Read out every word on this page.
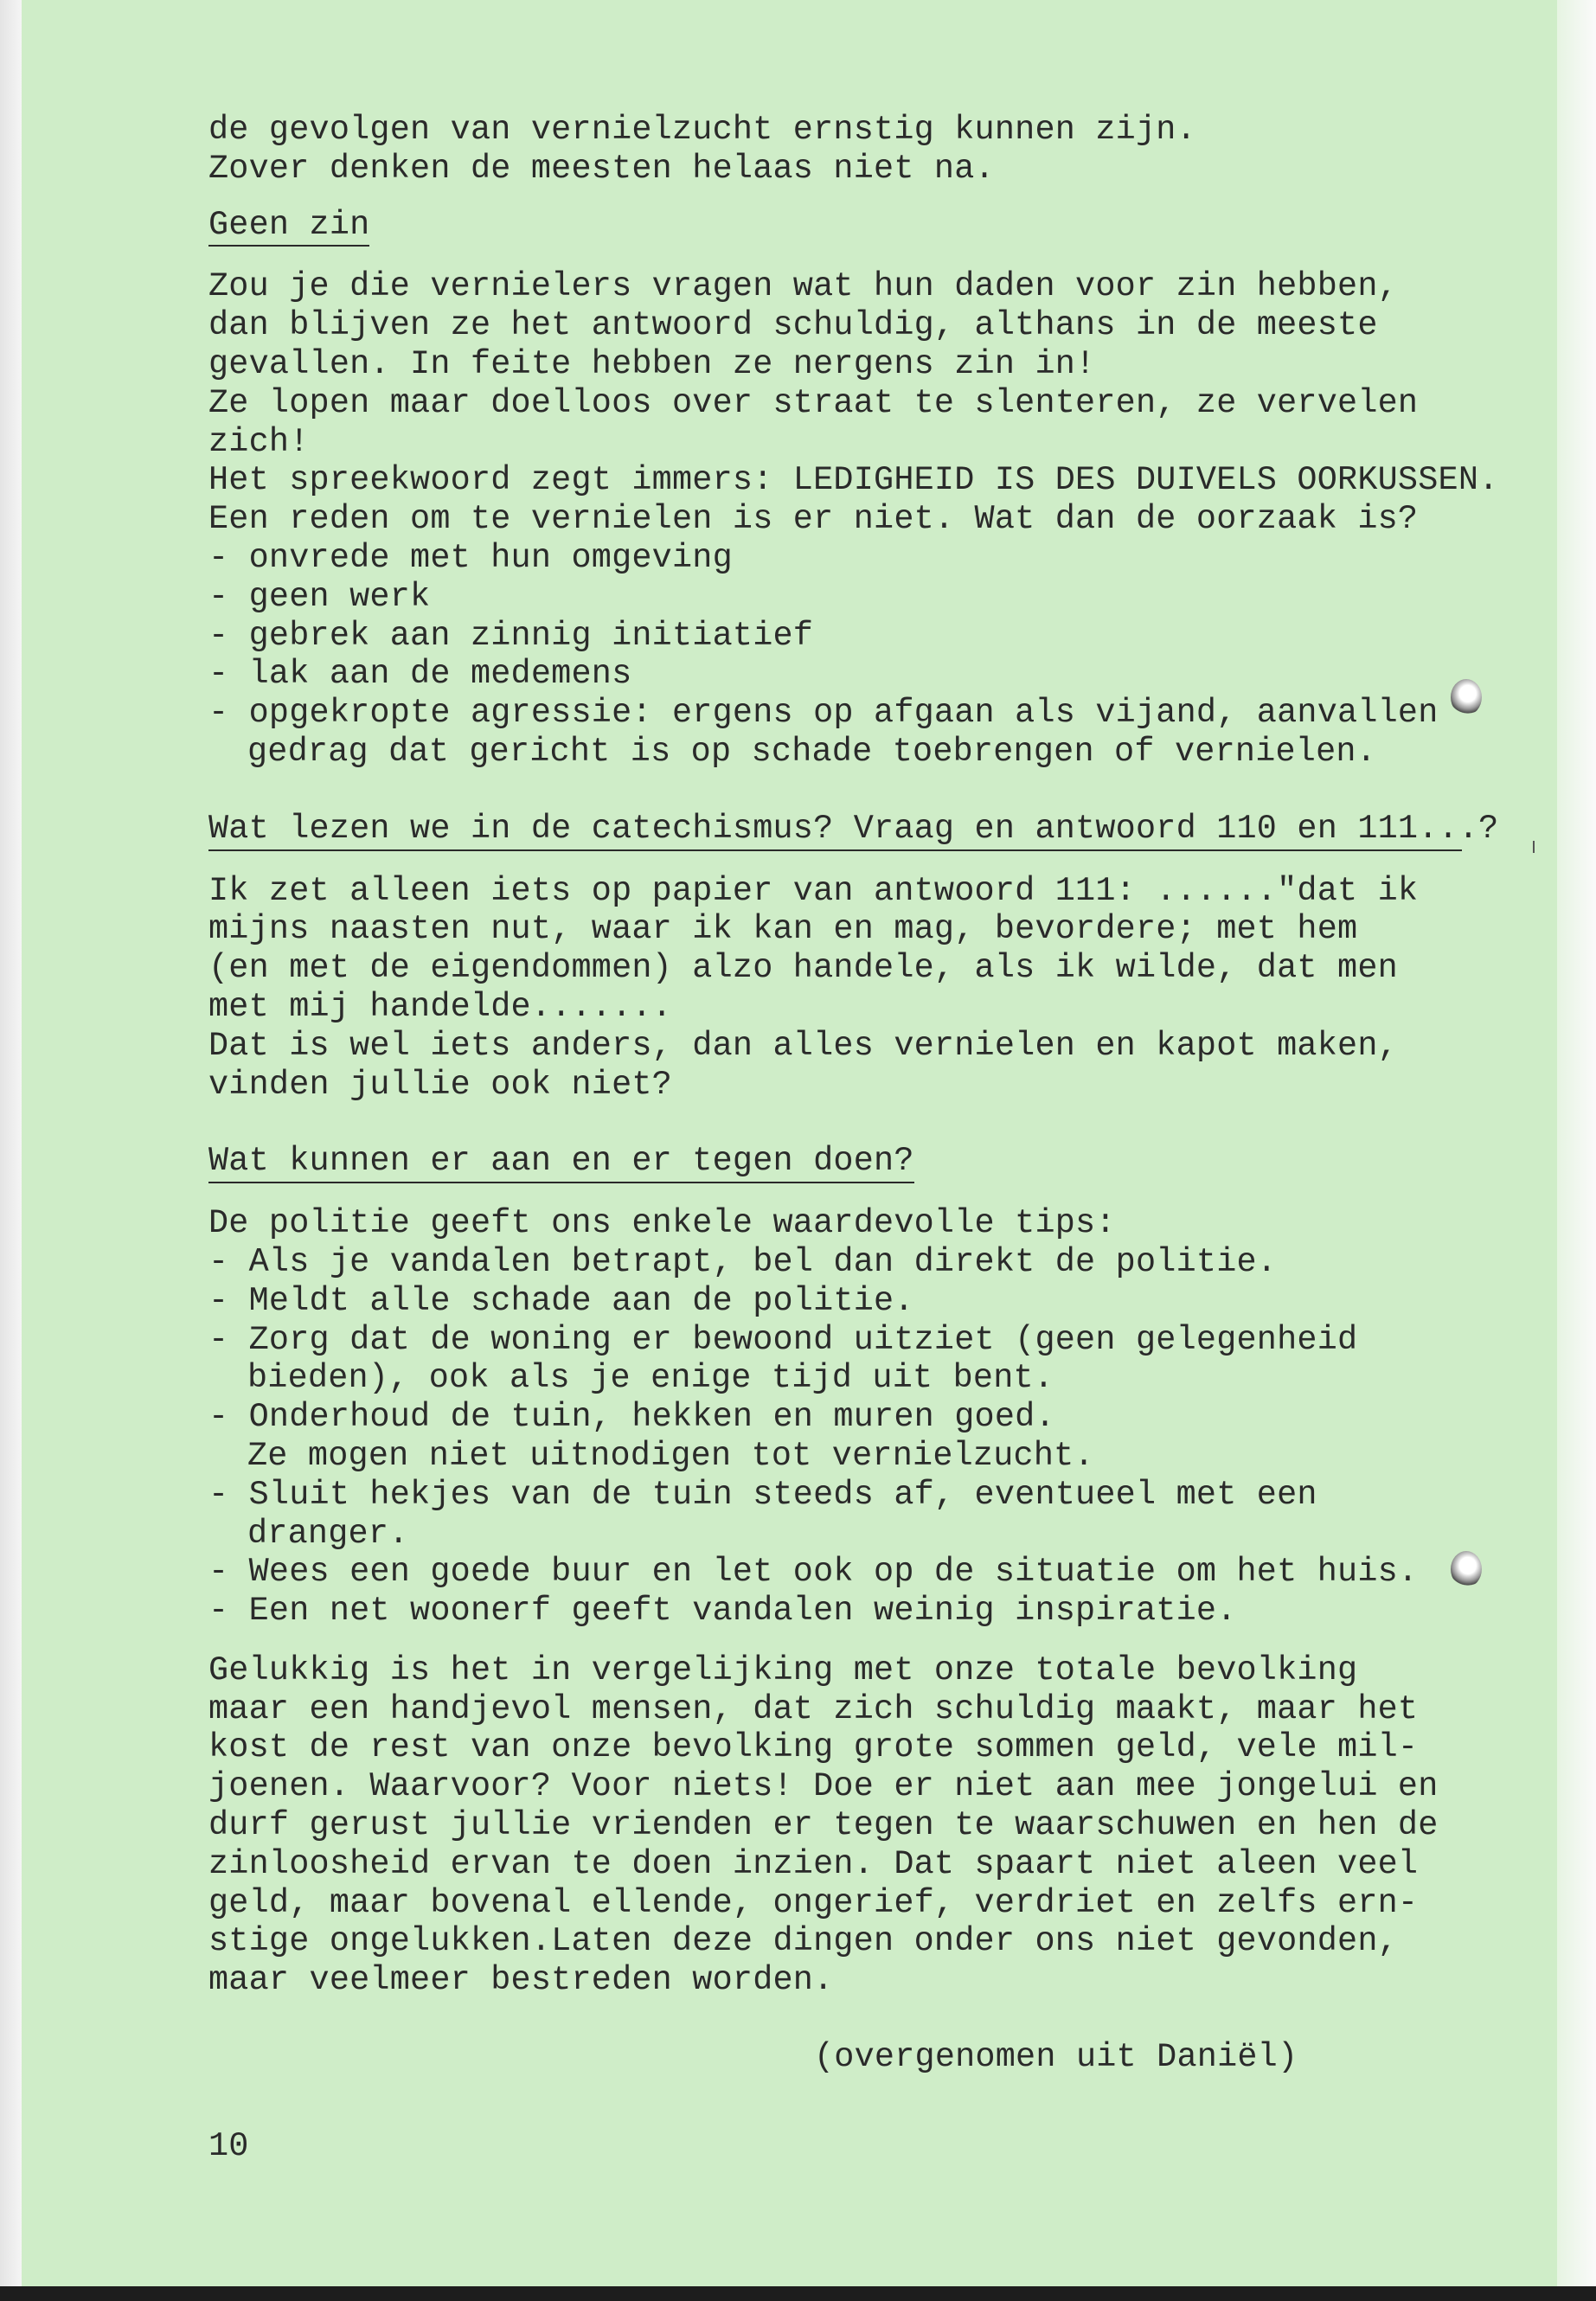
de gevolgen van vernielzucht ernstig kunnen zijn.
Zover denken de meesten helaas niet na.
Geen zin
Zou je die vernielers vragen wat hun daden voor zin hebben,
dan blijven ze het antwoord schuldig, althans in de meeste
gevallen. In feite hebben ze nergens zin in!
Ze lopen maar doelloos over straat te slenteren, ze vervelen
zich!
Het spreekwoord zegt immers: LEDIGHEID IS DES DUIVELS OORKUSSEN.
Een reden om te vernielen is er niet. Wat dan de oorzaak is?
- onvrede met hun omgeving
- geen werk
- gebrek aan zinnig initiatief
- lak aan de medemens
- opgekropte agressie: ergens op afgaan als vijand, aanvallen
gedrag dat gericht is op schade toebrengen of vernielen.
Wat lezen we in de catechismus? Vraag en antwoord 110 en 111...?
Ik zet alleen iets op papier van antwoord 111: ......"dat ik
mijns naasten nut, waar ik kan en mag, bevordere; met hem
(en met de eigendommen) alzo handele, als ik wilde, dat men
met mij handelde.......
Dat is wel iets anders, dan alles vernielen en kapot maken,
vinden jullie ook niet?
Wat kunnen er aan en er tegen doen?
De politie geeft ons enkele waardevolle tips:
- Als je vandalen betrapt, bel dan direkt de politie.
- Meldt alle schade aan de politie.
- Zorg dat de woning er bewoond uitziet (geen gelegenheid
bieden), ook als je enige tijd uit bent.
- Onderhoud de tuin, hekken en muren goed.
Ze mogen niet uitnodigen tot vernielzucht.
- Sluit hekjes van de tuin steeds af, eventueel met een
dranger.
- Wees een goede buur en let ook op de situatie om het huis.
- Een net woonerf geeft vandalen weinig inspiratie.
Gelukkig is het in vergelijking met onze totale bevolking
maar een handjevol mensen, dat zich schuldig maakt, maar het
kost de rest van onze bevolking grote sommen geld, vele mil-
joenen. Waarvoor? Voor niets! Doe er niet aan mee jongelui en
durf gerust jullie vrienden er tegen te waarschuwen en hen de
zinloosheid ervan te doen inzien. Dat spaart niet aleen veel
geld, maar bovenal ellende, ongerief, verdriet en zelfs ern-
stige ongelukken.Laten deze dingen onder ons niet gevonden,
maar veelmeer bestreden worden.
(overgenomen uit Daniël)
10
